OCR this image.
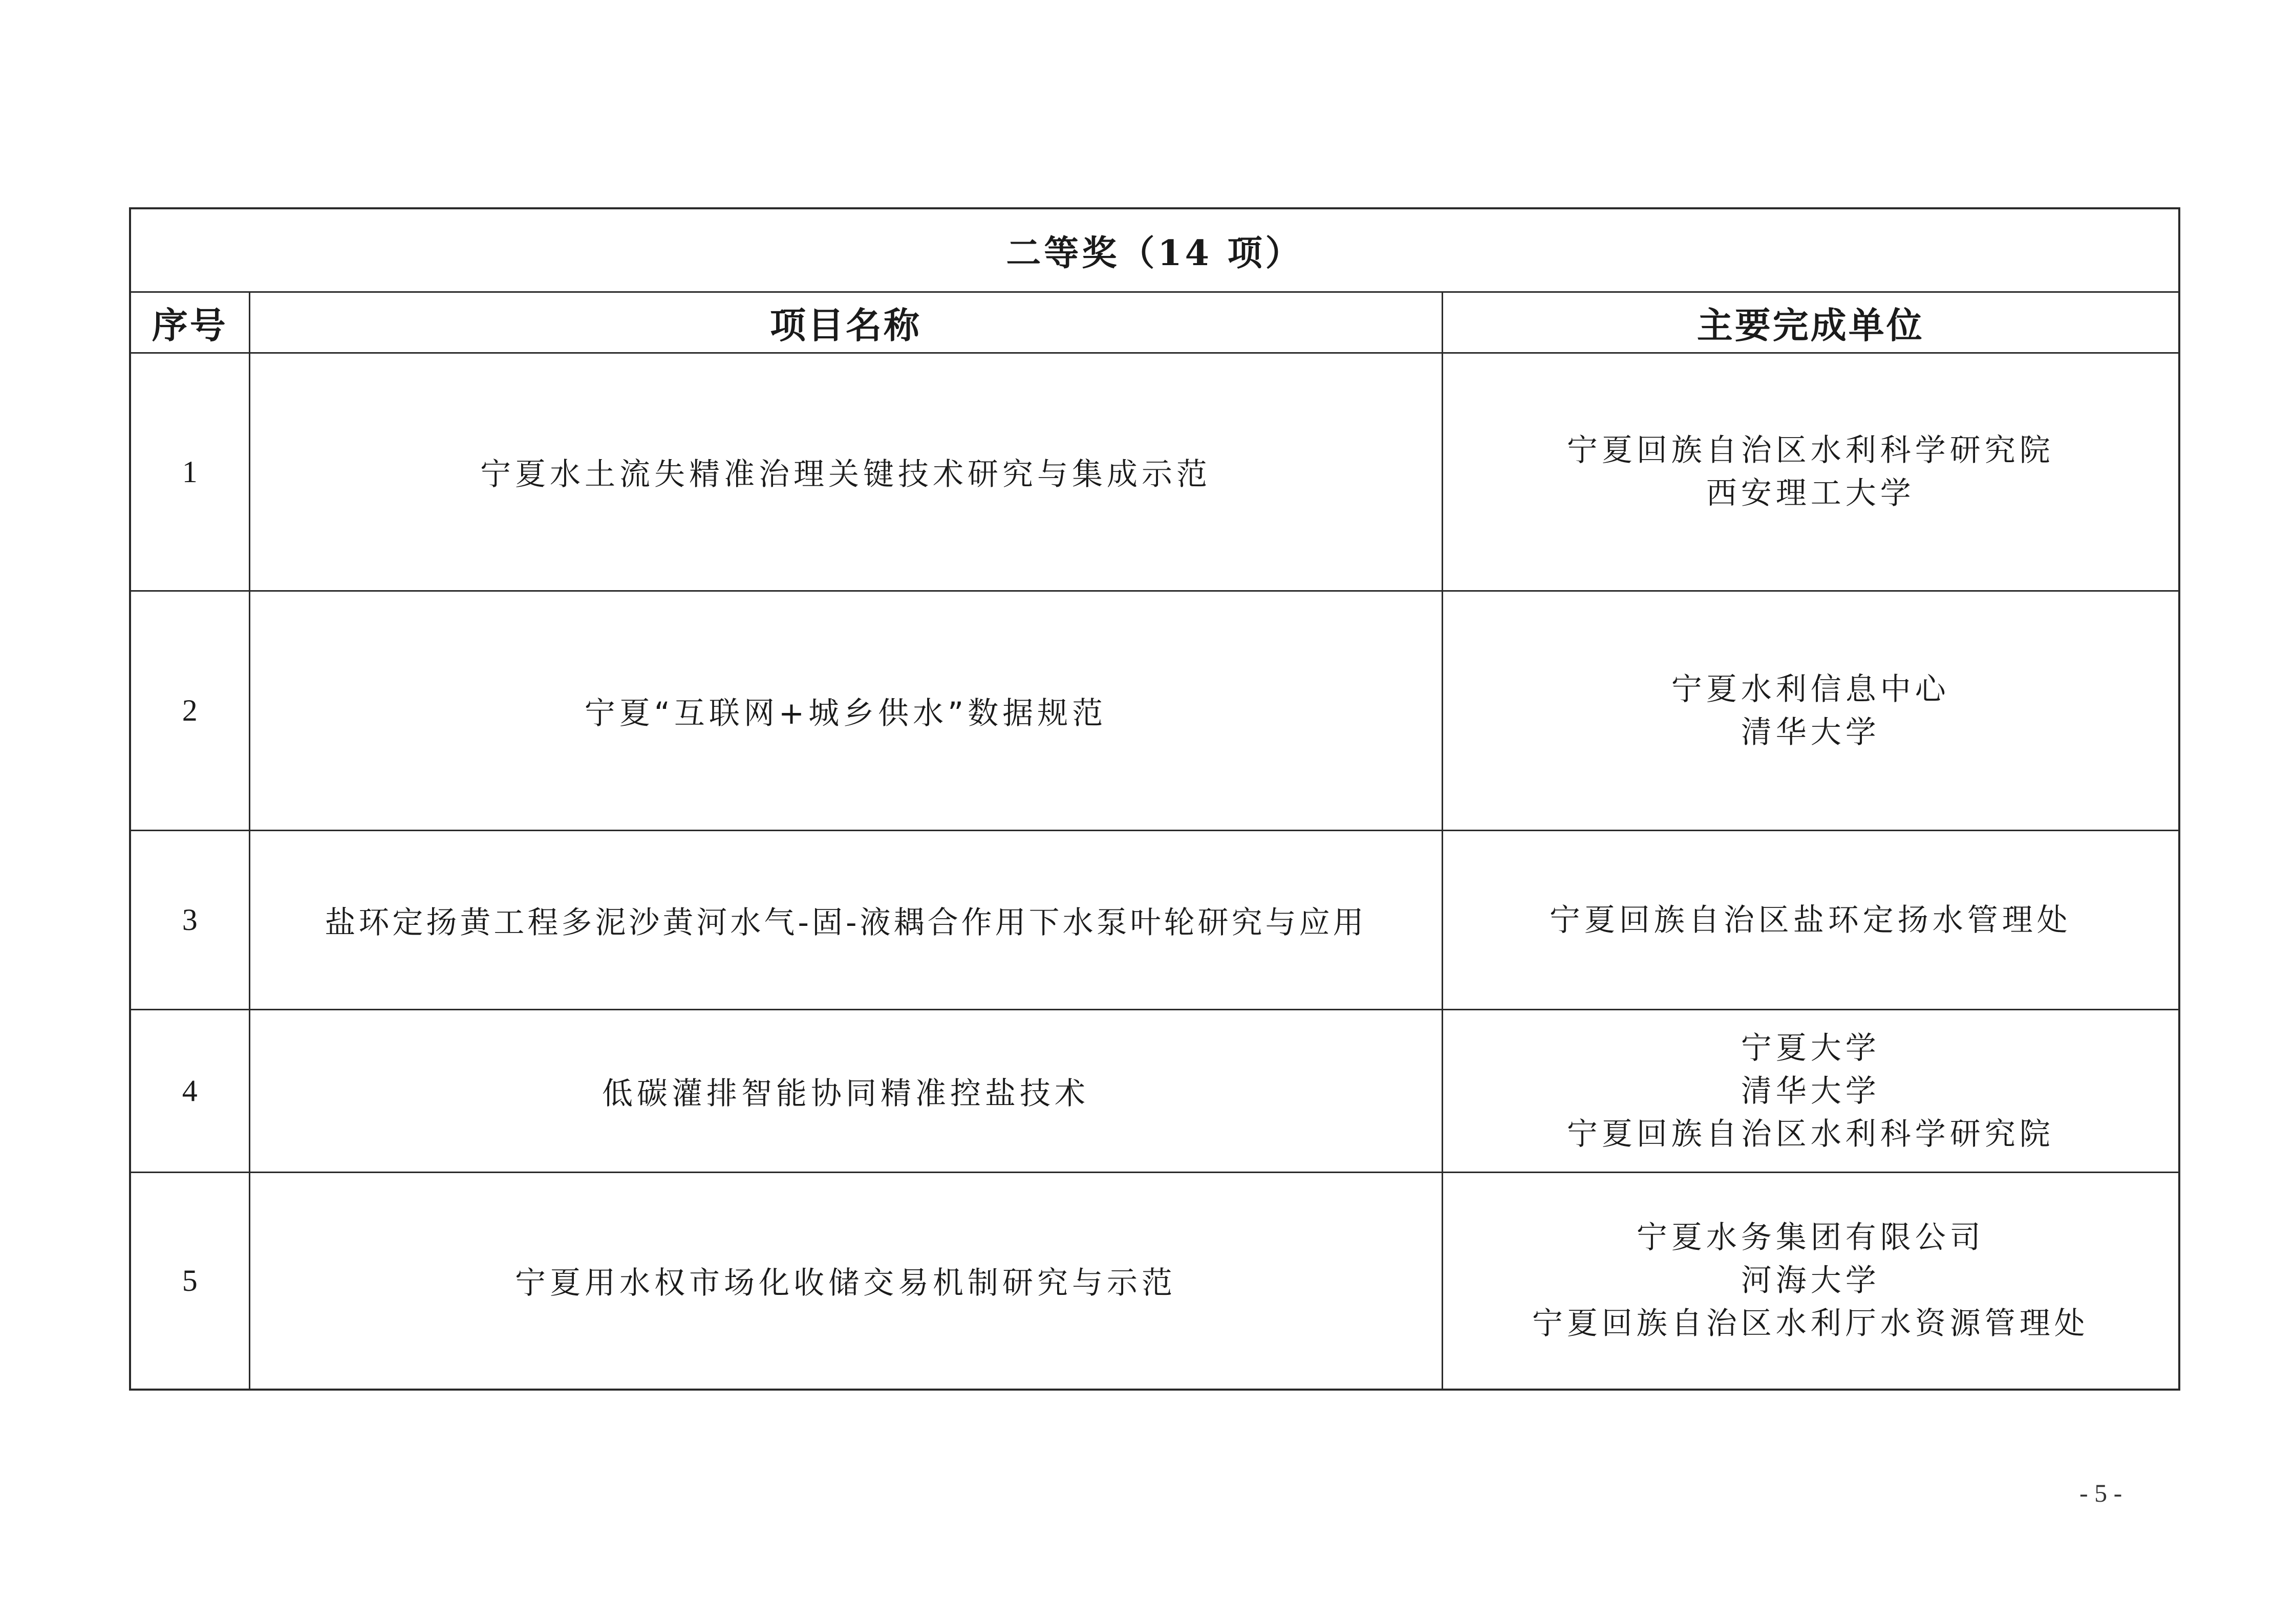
二等奖（14 项）		
序号	项目名称	主要完成单位
1	宁夏水土流失精准治理关键技术研究与集成示范	宁夏回族自治区水利科学研究院
西安理工大学

2	宁夏“互联网+城乡供水”数据规范	宁夏水利信息中心
清华大学

3	盐环定扬黄工程多泥沙黄河水气-固-液耦合作用下水泵叶轮研究与应用	宁夏回族自治区盐环定扬水管理处

4	低碳灌排智能协同精准控盐技术	宁夏大学
清华大学
宁夏回族自治区水利科学研究院

5	宁夏用水权市场化收储交易机制研究与示范	宁夏水务集团有限公司
河海大学
宁夏回族自治区水利厅水资源管理处
- 5 -
